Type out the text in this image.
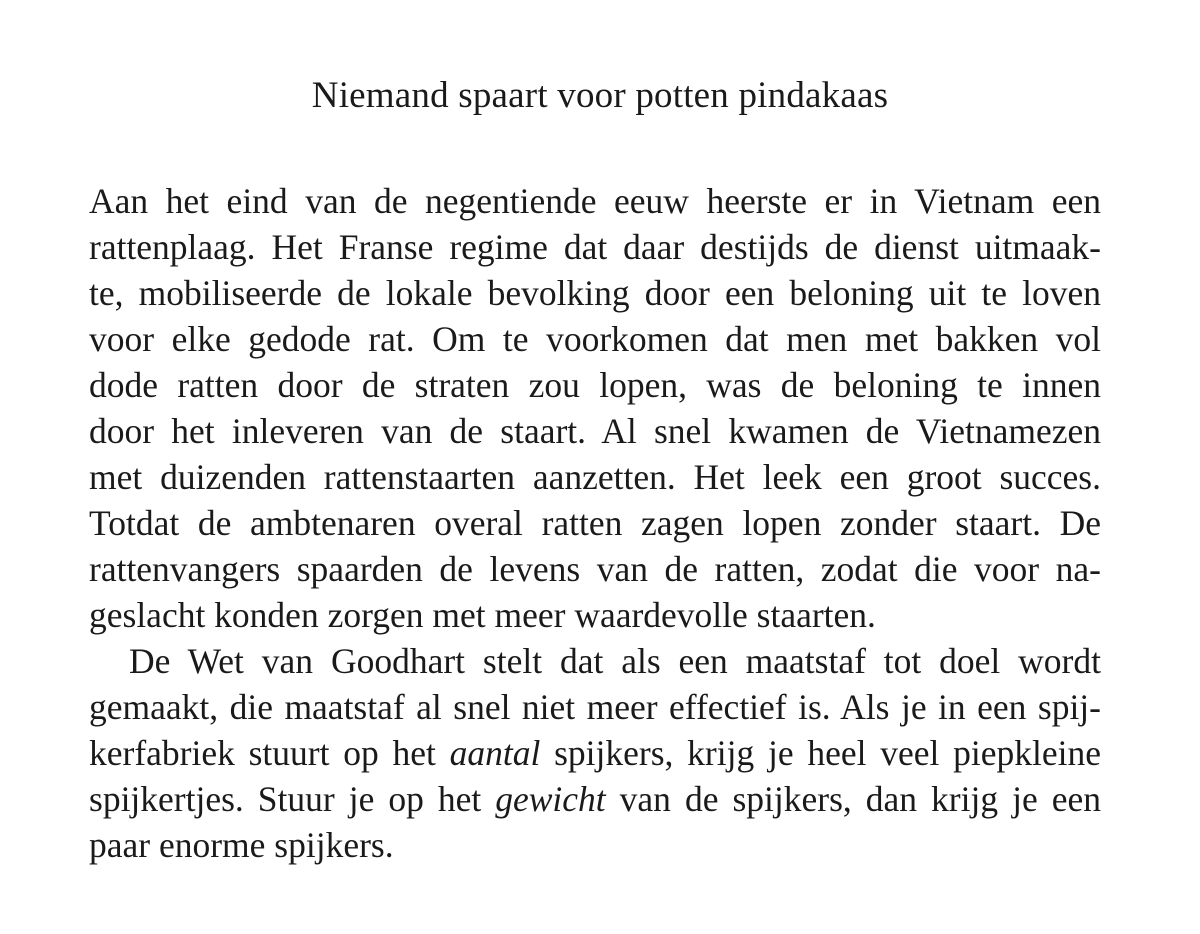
Niemand spaart voor potten pindakaas
Aan het eind van de negentiende eeuw heerste er in Vietnam een
rattenplaag. Het Franse regime dat daar destijds de dienst uitmaak-
te, mobiliseerde de lokale bevolking door een beloning uit te loven
voor elke gedode rat. Om te voorkomen dat men met bakken vol
dode ratten door de straten zou lopen, was de beloning te innen
door het inleveren van de staart. Al snel kwamen de Vietnamezen
met duizenden rattenstaarten aanzetten. Het leek een groot succes.
Totdat de ambtenaren overal ratten zagen lopen zonder staart. De
rattenvangers spaarden de levens van de ratten, zodat die voor na-
geslacht konden zorgen met meer waardevolle staarten.
De Wet van Goodhart stelt dat als een maatstaf tot doel wordt
gemaakt, die maatstaf al snel niet meer effectief is. Als je in een spij-
kerfabriek stuurt op het aantal spijkers, krijg je heel veel piepkleine
spijkertjes. Stuur je op het gewicht van de spijkers, dan krijg je een
paar enorme spijkers.
